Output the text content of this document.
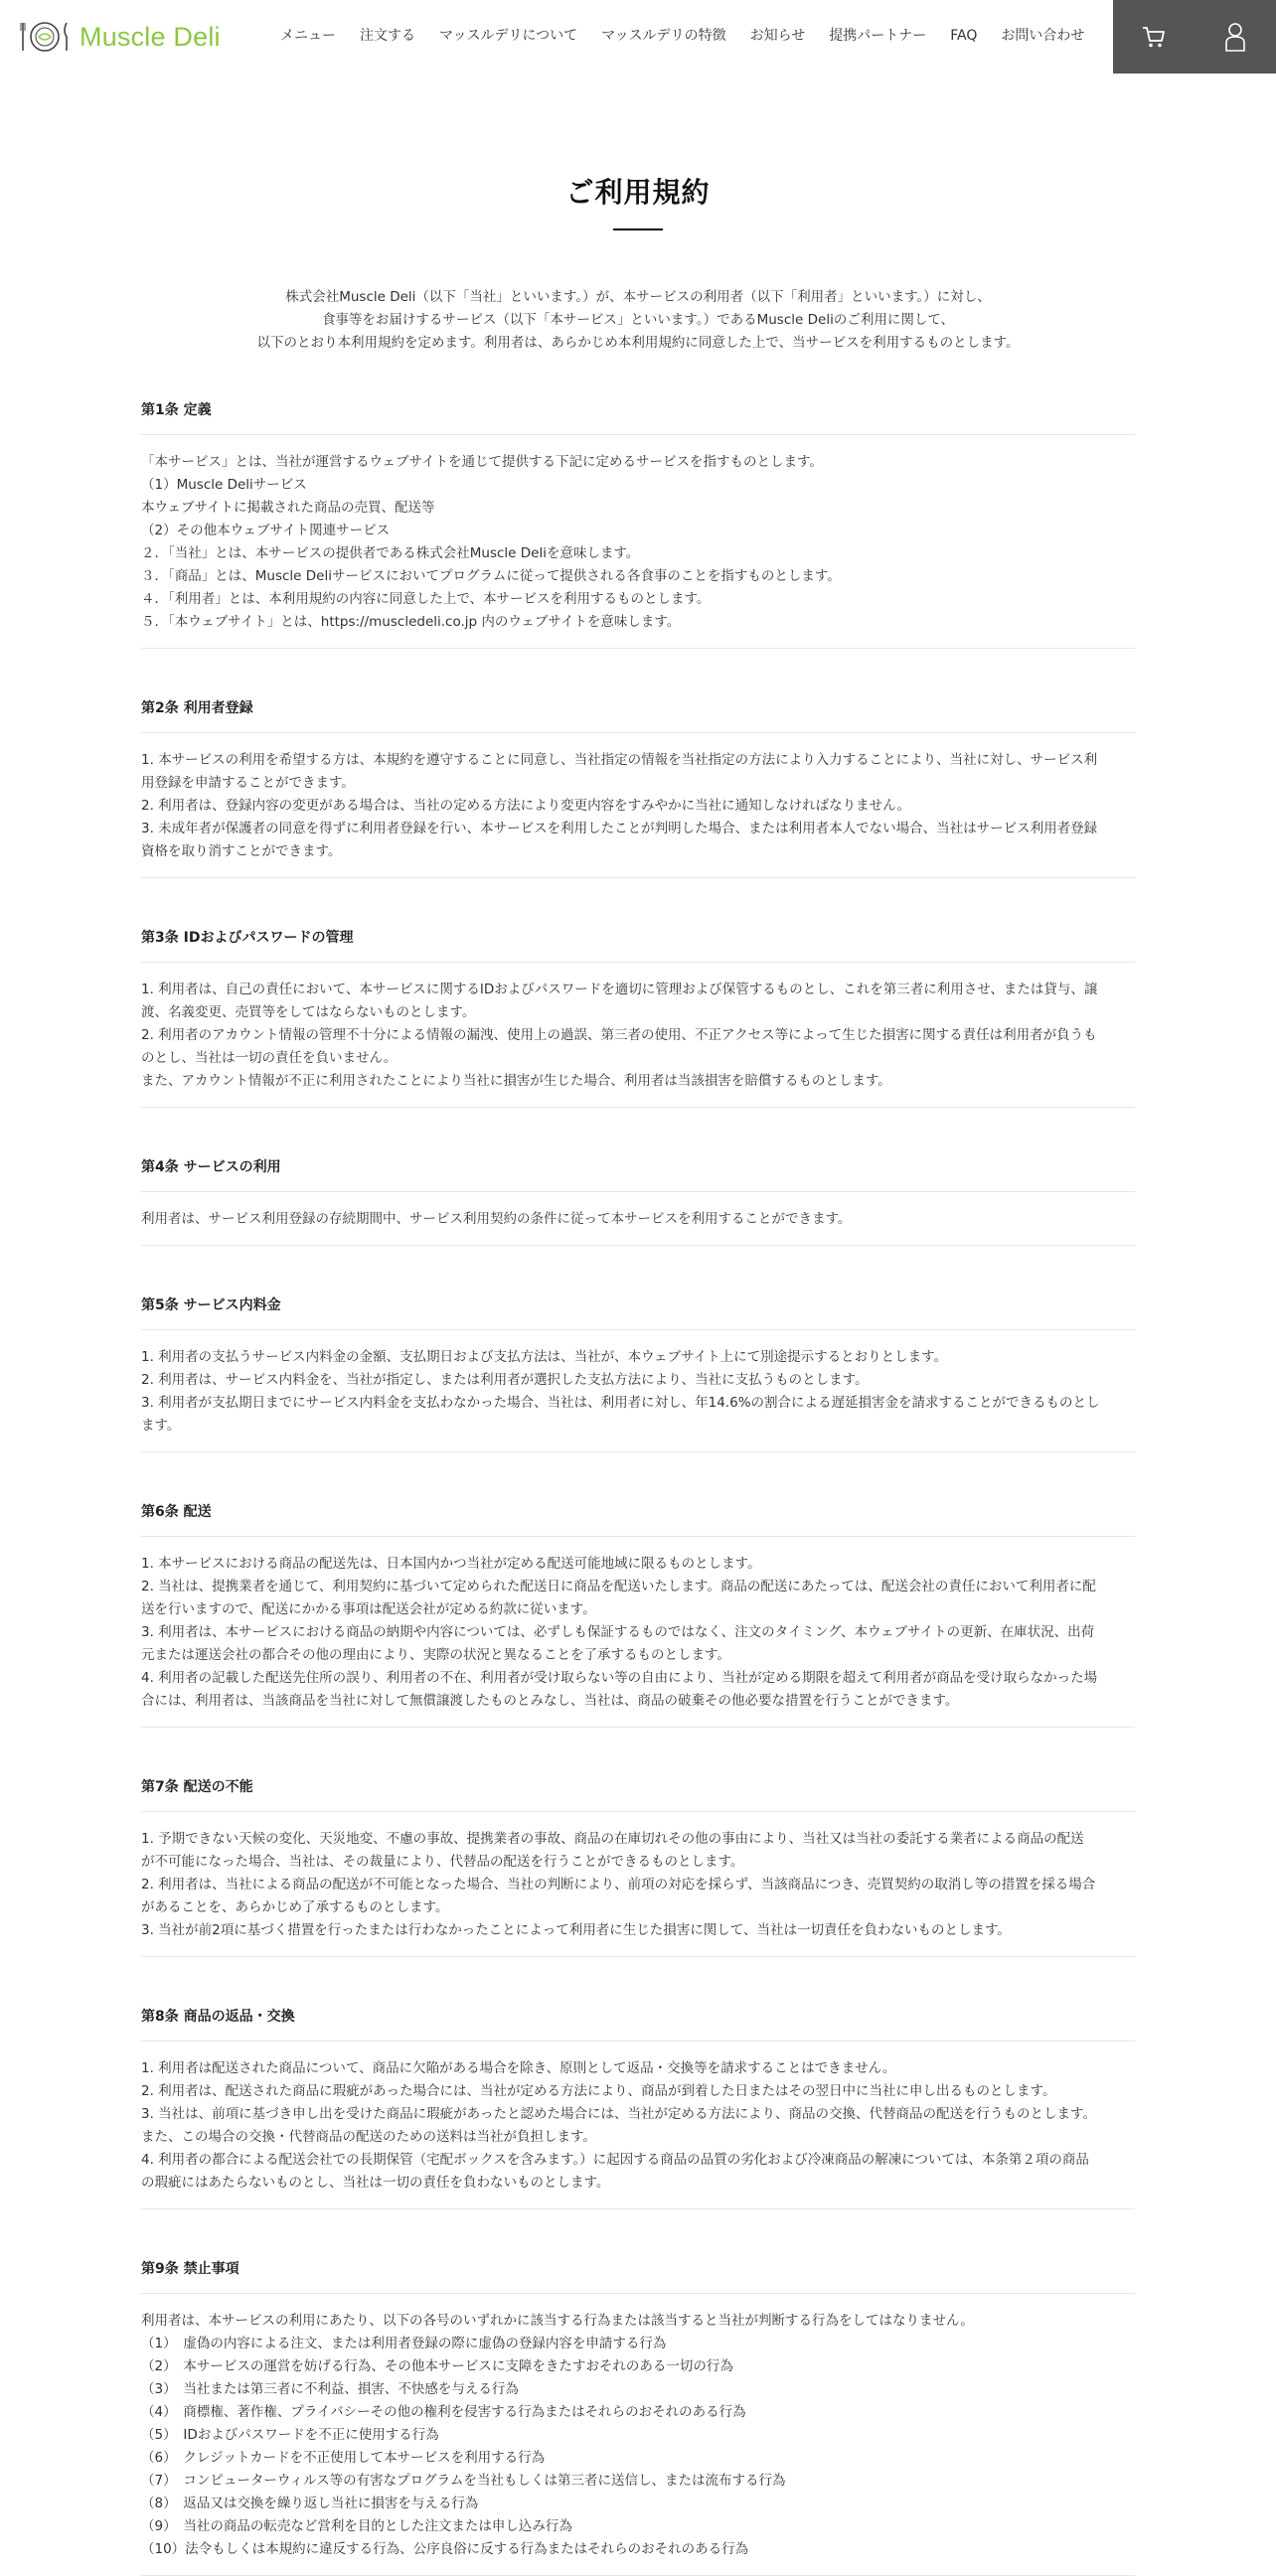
Muscle Deli	メニュー 注文する マッスルデリについて マッスルデリの特徴 お知らせ 提携パートナー FAQ お問い合わせ
ご利用規約
株式会社Muscle Deli（以下「当社」といいます。）が、本サービスの利用者（以下「利用者」といいます。）に対し、
食事等をお届けするサービス（以下「本サービス」といいます。）であるMuscle Deliのご利用に関して、
以下のとおり本利用規約を定めます。利用者は、あらかじめ本利用規約に同意した上で、当サービスを利用するものとします。
第1条 定義
「本サービス」とは、当社が運営するウェブサイトを通じて提供する下記に定めるサービスを指すものとします。
（1）Muscle Deliサービス
本ウェブサイトに掲載された商品の売買、配送等
（2）その他本ウェブサイト関連サービス
２．「当社」とは、本サービスの提供者である株式会社Muscle Deliを意味します。
３．「商品」とは、Muscle Deliサービスにおいてプログラムに従って提供される各食事のことを指すものとします。
４．「利用者」とは、本利用規約の内容に同意した上で、本サービスを利用するものとします。
５．「本ウェブサイト」とは、https://muscledeli.co.jp 内のウェブサイトを意味します。
第2条 利用者登録
1. 本サービスの利用を希望する方は、本規約を遵守することに同意し、当社指定の情報を当社指定の方法により入力することにより、当社に対し、サービス利
用登録を申請することができます。
2. 利用者は、登録内容の変更がある場合は、当社の定める方法により変更内容をすみやかに当社に通知しなければなりません。
3. 未成年者が保護者の同意を得ずに利用者登録を行い、本サービスを利用したことが判明した場合、または利用者本人でない場合、当社はサービス利用者登録
資格を取り消すことができます。
第3条 IDおよびパスワードの管理
1. 利用者は、自己の責任において、本サービスに関するIDおよびパスワードを適切に管理および保管するものとし、これを第三者に利用させ、または貸与、譲
渡、名義変更、売買等をしてはならないものとします。
2. 利用者のアカウント情報の管理不十分による情報の漏洩、使用上の過誤、第三者の使用、不正アクセス等によって生じた損害に関する責任は利用者が負うも
のとし、当社は一切の責任を負いません。
また、アカウント情報が不正に利用されたことにより当社に損害が生じた場合、利用者は当該損害を賠償するものとします。
第4条 サービスの利用
利用者は、サービス利用登録の存続期間中、サービス利用契約の条件に従って本サービスを利用することができます。
第5条 サービス内料金
1. 利用者の支払うサービス内料金の金額、支払期日および支払方法は、当社が、本ウェブサイト上にて別途提示するとおりとします。
2. 利用者は、サービス内料金を、当社が指定し、または利用者が選択した支払方法により、当社に支払うものとします。
3. 利用者が支払期日までにサービス内料金を支払わなかった場合、当社は、利用者に対し、年14.6%の割合による遅延損害金を請求することができるものとし
ます。
第6条 配送
1. 本サービスにおける商品の配送先は、日本国内かつ当社が定める配送可能地域に限るものとします。
2. 当社は、提携業者を通じて、利用契約に基づいて定められた配送日に商品を配送いたします。商品の配送にあたっては、配送会社の責任において利用者に配
送を行いますので、配送にかかる事項は配送会社が定める約款に従います。
3. 利用者は、本サービスにおける商品の納期や内容については、必ずしも保証するものではなく、注文のタイミング、本ウェブサイトの更新、在庫状況、出荷
元または運送会社の都合その他の理由により、実際の状況と異なることを了承するものとします。
4. 利用者の記載した配送先住所の誤り、利用者の不在、利用者が受け取らない等の自由により、当社が定める期限を超えて利用者が商品を受け取らなかった場
合には、利用者は、当該商品を当社に対して無償譲渡したものとみなし、当社は、商品の破棄その他必要な措置を行うことができます。
第7条 配送の不能
1. 予期できない天候の変化、天災地変、不慮の事故、提携業者の事故、商品の在庫切れその他の事由により、当社又は当社の委託する業者による商品の配送
が不可能になった場合、当社は、その裁量により、代替品の配送を行うことができるものとします。
2. 利用者は、当社による商品の配送が不可能となった場合、当社の判断により、前項の対応を採らず、当該商品につき、売買契約の取消し等の措置を採る場合
があることを、あらかじめ了承するものとします。
3. 当社が前2項に基づく措置を行ったまたは行わなかったことによって利用者に生じた損害に関して、当社は一切責任を負わないものとします。
第8条 商品の返品・交換
1. 利用者は配送された商品について、商品に欠陥がある場合を除き、原則として返品・交換等を請求することはできません。
2. 利用者は、配送された商品に瑕疵があった場合には、当社が定める方法により、商品が到着した日またはその翌日中に当社に申し出るものとします。
3. 当社は、前項に基づき申し出を受けた商品に瑕疵があったと認めた場合には、当社が定める方法により、商品の交換、代替商品の配送を行うものとします。
また、この場合の交換・代替商品の配送のための送料は当社が負担します。
4. 利用者の都合による配送会社での長期保管（宅配ボックスを含みます。）に起因する商品の品質の劣化および冷凍商品の解凍については、本条第２項の商品
の瑕疵にはあたらないものとし、当社は一切の責任を負わないものとします。
第9条 禁止事項
利用者は、本サービスの利用にあたり、以下の各号のいずれかに該当する行為または該当すると当社が判断する行為をしてはなりません。
（1）　虚偽の内容による注文、または利用者登録の際に虚偽の登録内容を申請する行為
（2）　本サービスの運営を妨げる行為、その他本サービスに支障をきたすおそれのある一切の行為
（3）　当社または第三者に不利益、損害、不快感を与える行為
（4）　商標権、著作権、プライバシーその他の権利を侵害する行為またはそれらのおそれのある行為
（5）　IDおよびパスワードを不正に使用する行為
（6）　クレジットカードを不正使用して本サービスを利用する行為
（7）　コンピューターウィルス等の有害なプログラムを当社もしくは第三者に送信し、または流布する行為
（8）　返品又は交換を繰り返し当社に損害を与える行為
（9）　当社の商品の転売など営利を目的とした注文または申し込み行為
（10）法令もしくは本規約に違反する行為、公序良俗に反する行為またはそれらのおそれのある行為
